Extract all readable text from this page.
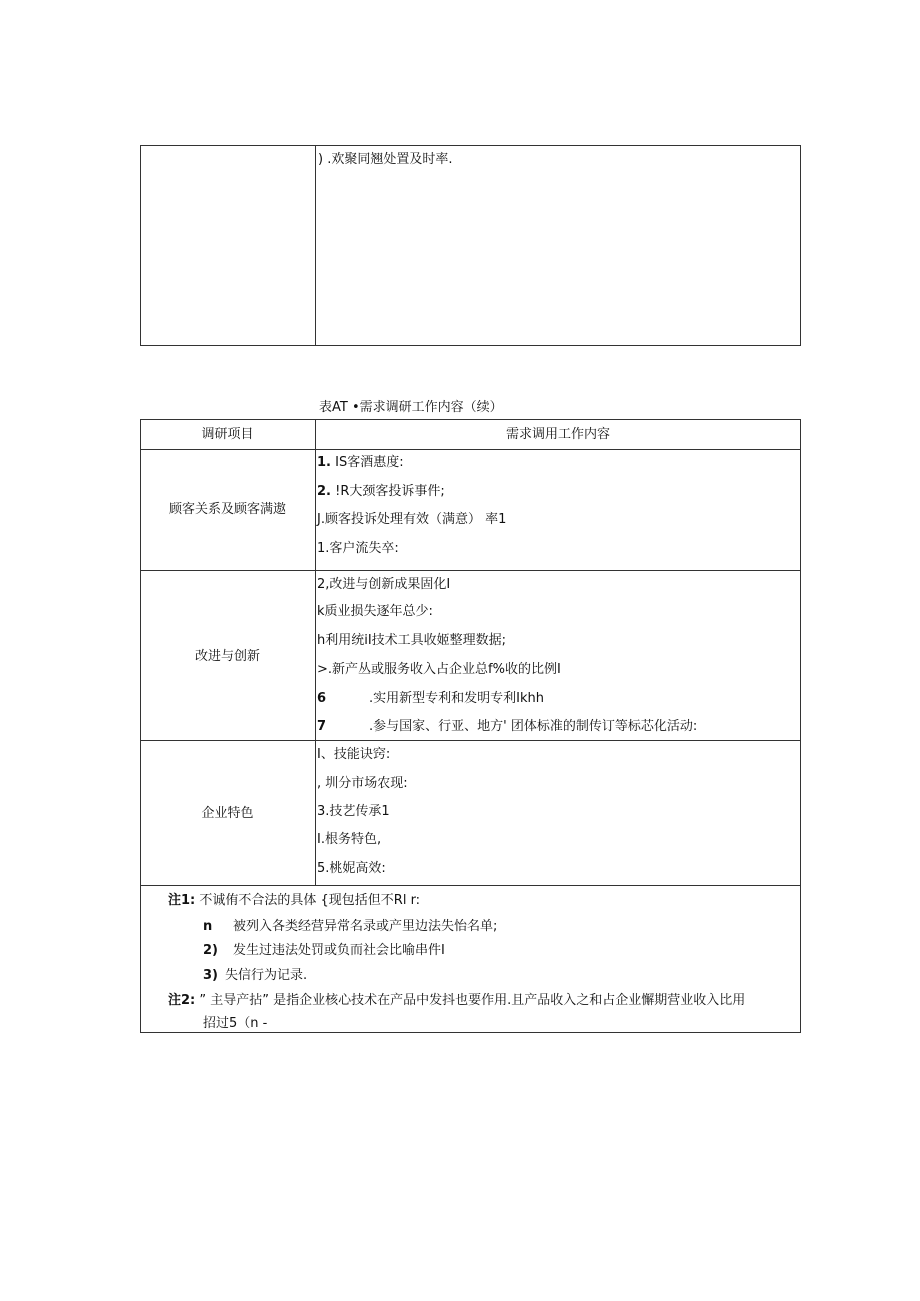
) .欢聚同翘处置及时率.
表AT •需求调研工作内容（续）
调研项目	需求调用工作内容
顾客关系及顾客满遨
1. IS客酒惠度:
2. !R大颈客投诉事件;
J.顾客投诉处理有效（满意） 率1
1.客户流失卒:
改进与创新
2,改进与创新成果固化I
k质业损失逐年总少:
h利用统iI技术工具收姬整理数据;
>.新产丛或服务收入占企业总f%收的比例I
6	.实用新型专利和发明专利Ikhh
7	.参与国家、行亚、地方' 团体标准的制传订等标芯化活动:
企业特色
I、技能诀窍:
, 圳分市场农现:
3.技艺传承1
I.根务特色,
5.桃妮高效:
注1: 不诚侑不合法的具体 {现包括但不Rl r:
n 被列入各类经营异常名录或产里边法失怡名单;
2) 发生过违法处罚或负而社会比喻串件I
3) 失信行为记录.
注2: ” 主导产拈” 是指企业核心技术在产品中发抖也要作用.且产品收入之和占企业懈期营业收入比用
招过5（n -
